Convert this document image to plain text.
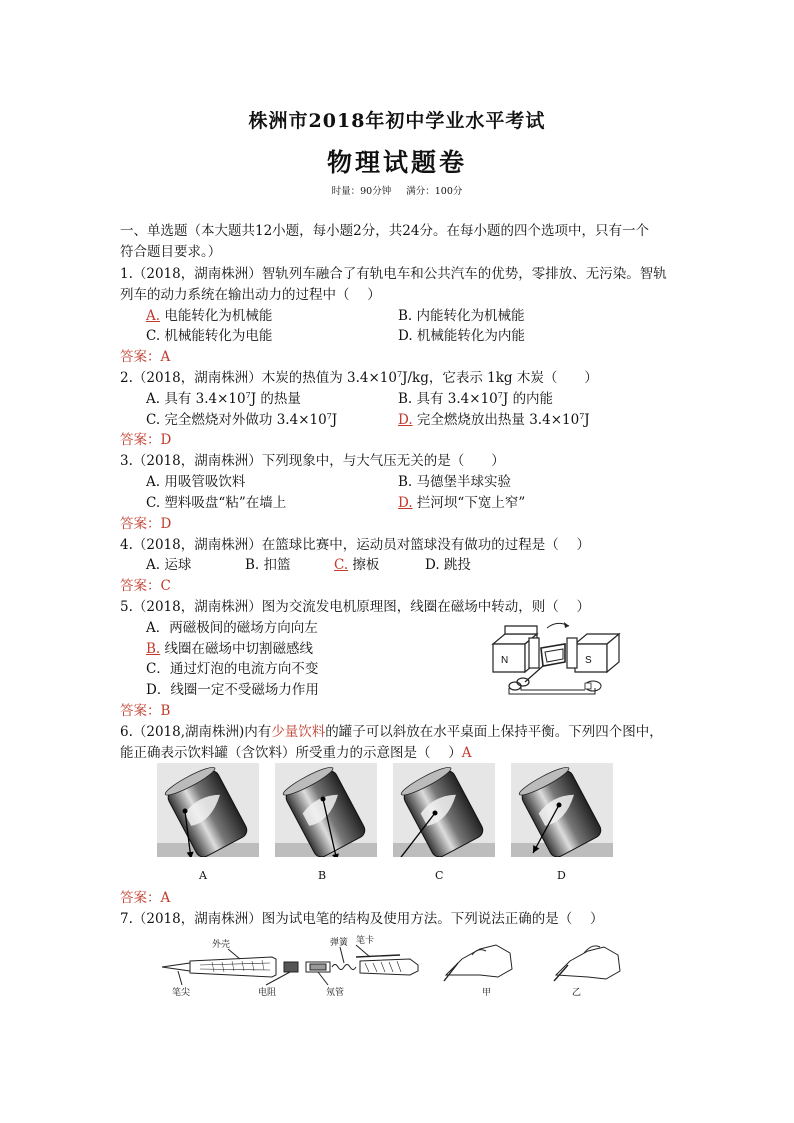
株洲市2018年初中学业水平考试
物理试题卷
时量：90分钟 满分：100分
一、单选题（本大题共12小题，每小题2分，共24分。在每小题的四个选项中，只有一个
符合题目要求。）
1.（2018，湖南株洲）智轨列车融合了有轨电车和公共汽车的优势，零排放、无污染。智轨
列车的动力系统在输出动力的过程中（　 ）
A. 电能转化为机械能	B. 内能转化为机械能
C. 机械能转化为电能	D. 机械能转化为内能
答案：A
2.（2018，湖南株洲）木炭的热值为 $3.4\times 10^7J/kg$，它表示 1kg 木炭（　　）
A. 具有 $3.4\times 10^7J$ 的热量	B. 具有 $3.4\times 10^7J$ 的内能
C. 完全燃烧对外做功 $3.4\times 10^7J$	D. 完全燃烧放出热量 $3.4\times 10^7J$
答案：D
3.（2018，湖南株洲）下列现象中，与大气压无关的是（　　）
A. 用吸管吸饮料	B. 马德堡半球实验
C. 塑料吸盘“粘”在墙上	D. 拦河坝“下宽上窄”
答案：D
4.（2018，湖南株洲）在篮球比赛中，运动员对篮球没有做功的过程是（　 ）
A. 运球	B. 扣篮	C. 擦板	D. 跳投
答案：C
5.（2018，湖南株洲）图为交流发电机原理图，线圈在磁场中转动，则（　 ）
A．两磁极间的磁场方向向左
B. 线圈在磁场中切割磁感线
C．通过灯泡的电流方向不变
D．线圈一定不受磁场力作用
答案：B
N	S
6.（2018,湖南株洲)内有少量饮料的罐子可以斜放在水平桌面上保持平衡。下列四个图中，
能正确表示饮料罐（含饮料）所受重力的示意图是（　 ）A
A	B	C	D
答案：A
7.（2018，湖南株洲）图为试电笔的结构及使用方法。下列说法正确的是（　 ）
外壳	弹簧 笔卡
笔尖	电阻	氖管	甲	乙
